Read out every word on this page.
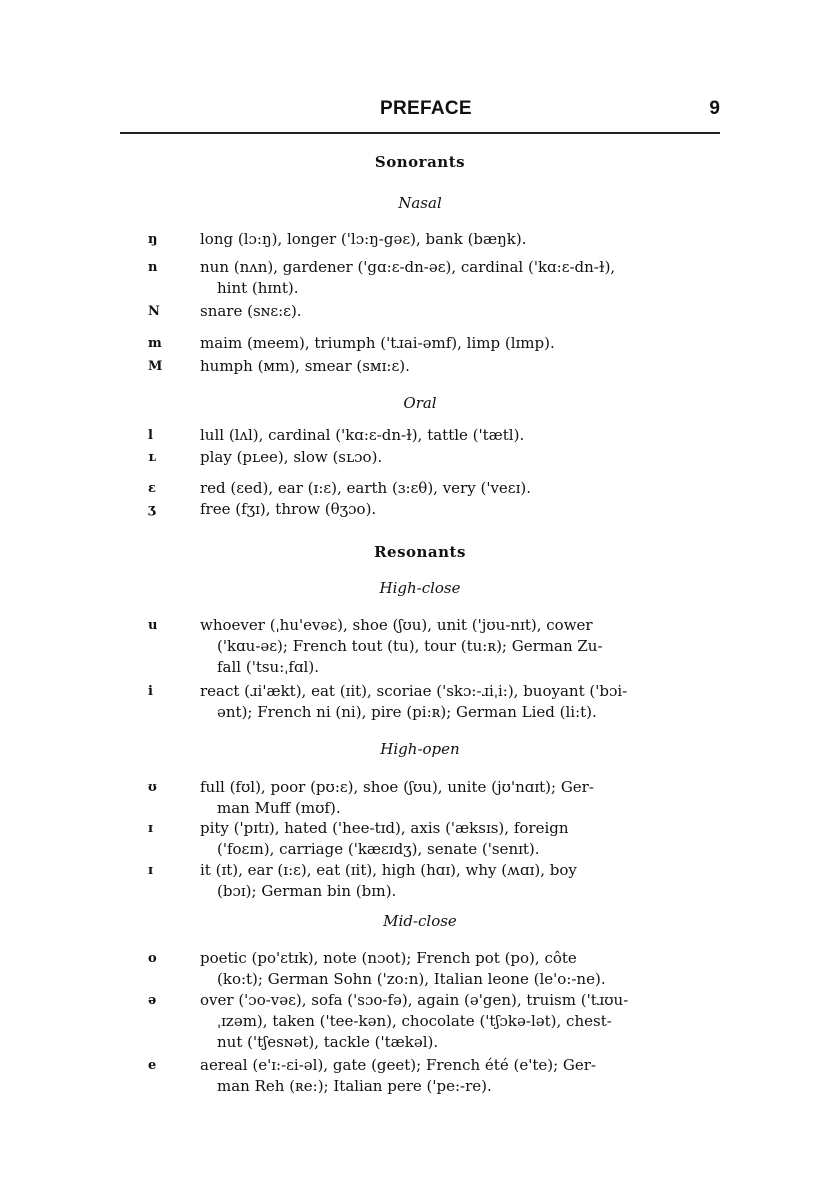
PREFACE	9
Sonorants
Nasal
ŋ	long (lɔ:ŋ), longer ('lɔ:ŋ-gəɛ), bank (bæŋk).
n	nun (nʌn), gardener ('gɑ:ɛ-dn-əɛ), cardinal ('kɑ:ɛ-dn-ɫ),
hint (hɪnt).
N	snare (sɴɛ:ɛ).
m	maim (meem), triumph ('tɹai-əmf), limp (lɪmp).
M	humph (ᴍm), smear (sᴍɪ:ɛ).
Oral
l	lull (lʌl), cardinal ('kɑ:ɛ-dn-ɫ), tattle ('tætl).
ʟ	play (pʟee), slow (sʟɔo).
ɛ	red (ɛed), ear (ɪ:ɛ), earth (ɜ:ɛθ), very ('veɛɪ).
ʒ	free (fʒɪ), throw (θʒɔo).
Resonants
High-close
u	whoever (ˌhu'evəɛ), shoe (ʃʊu), unit ('jʊu-nɪt), cower
('kɑu-əɛ); French tout (tu), tour (tu:ʀ); German Zu-
fall ('tsu:ˌfɑl).
i	react (ɹi'ækt), eat (ɪit), scoriae ('skɔ:-ɹiˌi:), buoyant ('bɔi-
ənt); French ni (ni), pire (pi:ʀ); German Lied (li:t).
High-open
ʊ	full (fʊl), poor (pʊ:ɛ), shoe (ʃʊu), unite (jʊ'nɑɪt); Ger-
man Muff (mʊf).
ɪ	pity ('pɪtɪ), hated ('hee-tɪd), axis ('æksɪs), foreign
('foɛɪn), carriage ('kæɛɪdʒ), senate ('senɪt).
ɪ	it (ɪt), ear (ɪ:ɛ), eat (ɪit), high (hɑɪ), why (ʍɑɪ), boy
(bɔɪ); German bin (bɪn).
Mid-close
o	poetic (po'ɛtɪk), note (nɔot); French pot (po), côte
(ko:t); German Sohn ('zo:n), Italian leone (le'o:-ne).
ə	over ('ɔo-vəɛ), sofa ('sɔo-fə), again (ə'gen), truism ('tɹʊu-
ˌɪzəm), taken ('tee-kən), chocolate ('tʃɔkə-lət), chest-
nut ('tʃesɴət), tackle ('tækəl).
e	aereal (e'ɪ:-ɛi-əl), gate (geet); French été (e'te); Ger-
man Reh (ʀe:); Italian pere ('pe:-re).
